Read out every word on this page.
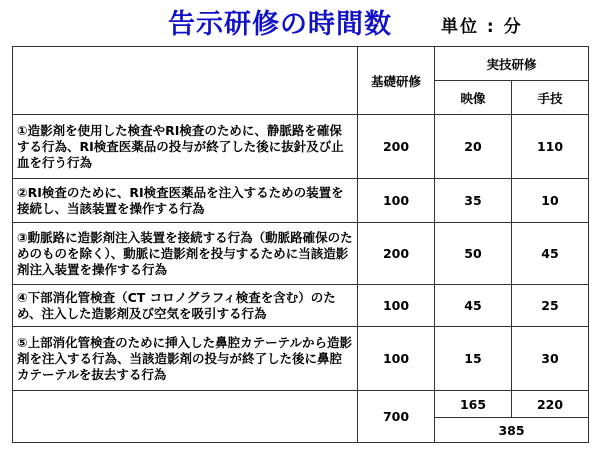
告示研修の時間数	単位 : 分
	基礎研修	実技研修	
		映像	手技
①造影剤を使用した検査やRI検査のために、静脈路を確保する行為、RI検査医薬品の投与が終了した後に抜針及び止血を行う行為	200	20	110
②RI検査のために、RI検査医薬品を注入するための装置を接続し、当該装置を操作する行為	100	35	10
③動脈路に造影剤注入装置を接続する行為（動脈路確保のためのものを除く）、動脈に造影剤を投与するために当該造影剤注入装置を操作する行為	200	50	45
④下部消化管検査（CT コロノグラフィ検査を含む）のため、注入した造影剤及び空気を吸引する行為	100	45	25
⑤上部消化管検査のために挿入した鼻腔カテーテルから造影剤を注入する行為、当該造影剤の投与が終了した後に鼻腔カテーテルを抜去する行為	100	15	30
	700	165 220
385	
